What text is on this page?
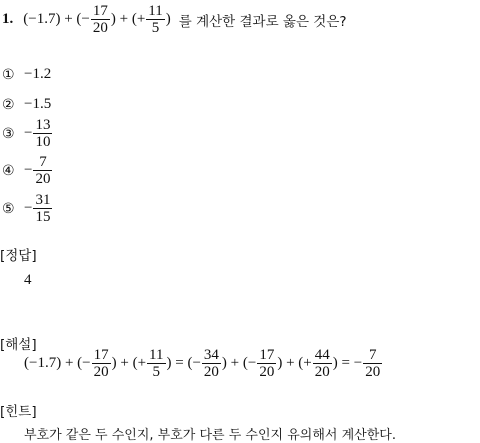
1. (−1.7) + (− $\frac{17}{20}$ ) + (+ $\frac{11}{5}$ ) 를 계산한 결과로 옳은 것은?
① −1.2
② −1.5
③ − $\frac{13}{10}$
④ − $\frac{7}{20}$
⑤ − $\frac{31}{15}$
[정답]
4
[해설]
(−1.7) + (− $\frac{17}{20}$ ) + (+ $\frac{11}{5}$ ) = (− $\frac{34}{20}$ ) + (− $\frac{17}{20}$ ) + (+ $\frac{44}{20}$ ) = − $\frac{7}{20}$
[힌트]
부호가 같은 두 수인지, 부호가 다른 두 수인지 유의해서 계산한다.
